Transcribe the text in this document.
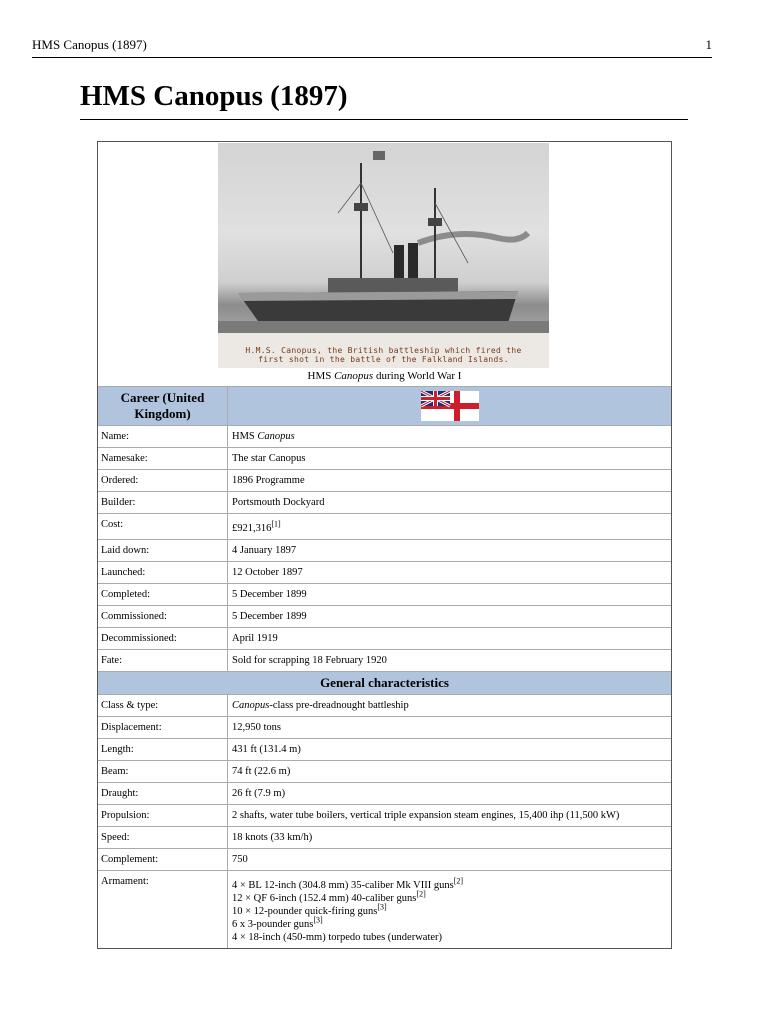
HMS Canopus (1897)	1
HMS Canopus (1897)
H.M.S. Canopus, the British battleship which fired the
first shot in the battle of the Falkland Islands.
HMS Canopus during World War I
Career (United Kingdom)
Name:	HMS Canopus
Namesake:	The star Canopus
Ordered:	1896 Programme
Builder:	Portsmouth Dockyard
Cost:	£921,316[1]
Laid down:	4 January 1897
Launched:	12 October 1897
Completed:	5 December 1899
Commissioned:	5 December 1899
Decommissioned:	April 1919
Fate:	Sold for scrapping 18 February 1920
General characteristics
Class & type:	Canopus-class pre-dreadnought battleship
Displacement:	12,950 tons
Length:	431 ft (131.4 m)
Beam:	74 ft (22.6 m)
Draught:	26 ft (7.9 m)
Propulsion:	2 shafts, water tube boilers, vertical triple expansion steam engines, 15,400 ihp (11,500 kW)
Speed:	18 knots (33 km/h)
Complement:	750
Armament:	4 × BL 12-inch (304.8 mm) 35-caliber Mk VIII guns[2]
12 × QF 6-inch (152.4 mm) 40-caliber guns[2]
10 × 12-pounder quick-firing guns[3]
6 x 3-pounder guns[3]
4 × 18-inch (450-mm) torpedo tubes (underwater)
